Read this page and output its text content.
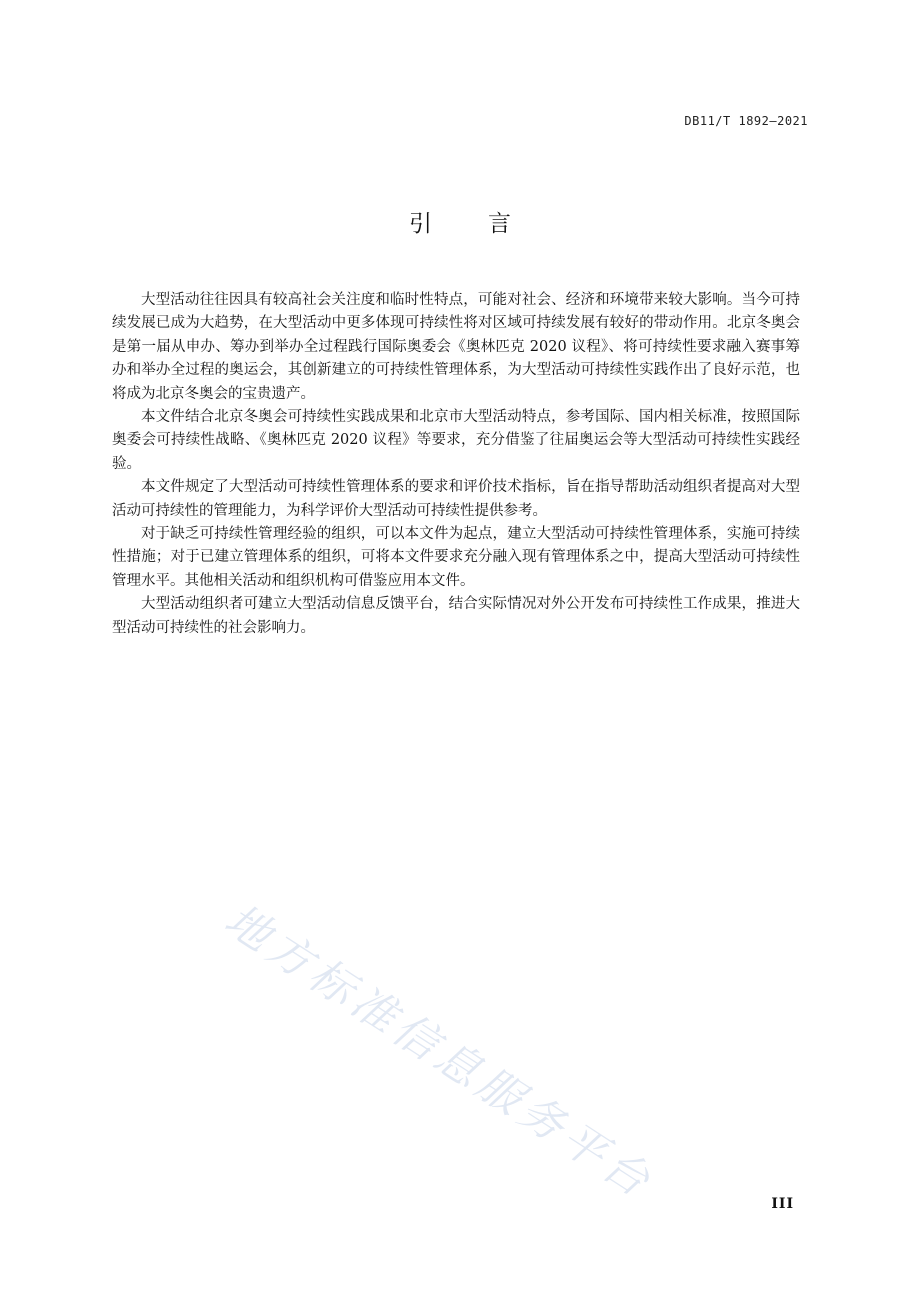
DB11/T 1892—2021
引言

大型活动往往因具有较高社会关注度和临时性特点，可能对社会、经济和环境带来较大影响。当今可持续发展已成为大趋势，在大型活动中更多体现可持续性将对区域可持续发展有较好的带动作用。北京冬奥会是第一届从申办、筹办到举办全过程践行国际奥委会《奥林匹克 2020 议程》、将可持续性要求融入赛事筹办和举办全过程的奥运会，其创新建立的可持续性管理体系，为大型活动可持续性实践作出了良好示范，也将成为北京冬奥会的宝贵遗产。

本文件结合北京冬奥会可持续性实践成果和北京市大型活动特点，参考国际、国内相关标准，按照国际奥委会可持续性战略、《奥林匹克 2020 议程》等要求，充分借鉴了往届奥运会等大型活动可持续性实践经验。

本文件规定了大型活动可持续性管理体系的要求和评价技术指标，旨在指导帮助活动组织者提高对大型活动可持续性的管理能力，为科学评价大型活动可持续性提供参考。

对于缺乏可持续性管理经验的组织，可以本文件为起点，建立大型活动可持续性管理体系，实施可持续性措施；对于已建立管理体系的组织，可将本文件要求充分融入现有管理体系之中，提高大型活动可持续性管理水平。其他相关活动和组织机构可借鉴应用本文件。

大型活动组织者可建立大型活动信息反馈平台，结合实际情况对外公开发布可持续性工作成果，推进大型活动可持续性的社会影响力。

地方标准信息服务平台	III
